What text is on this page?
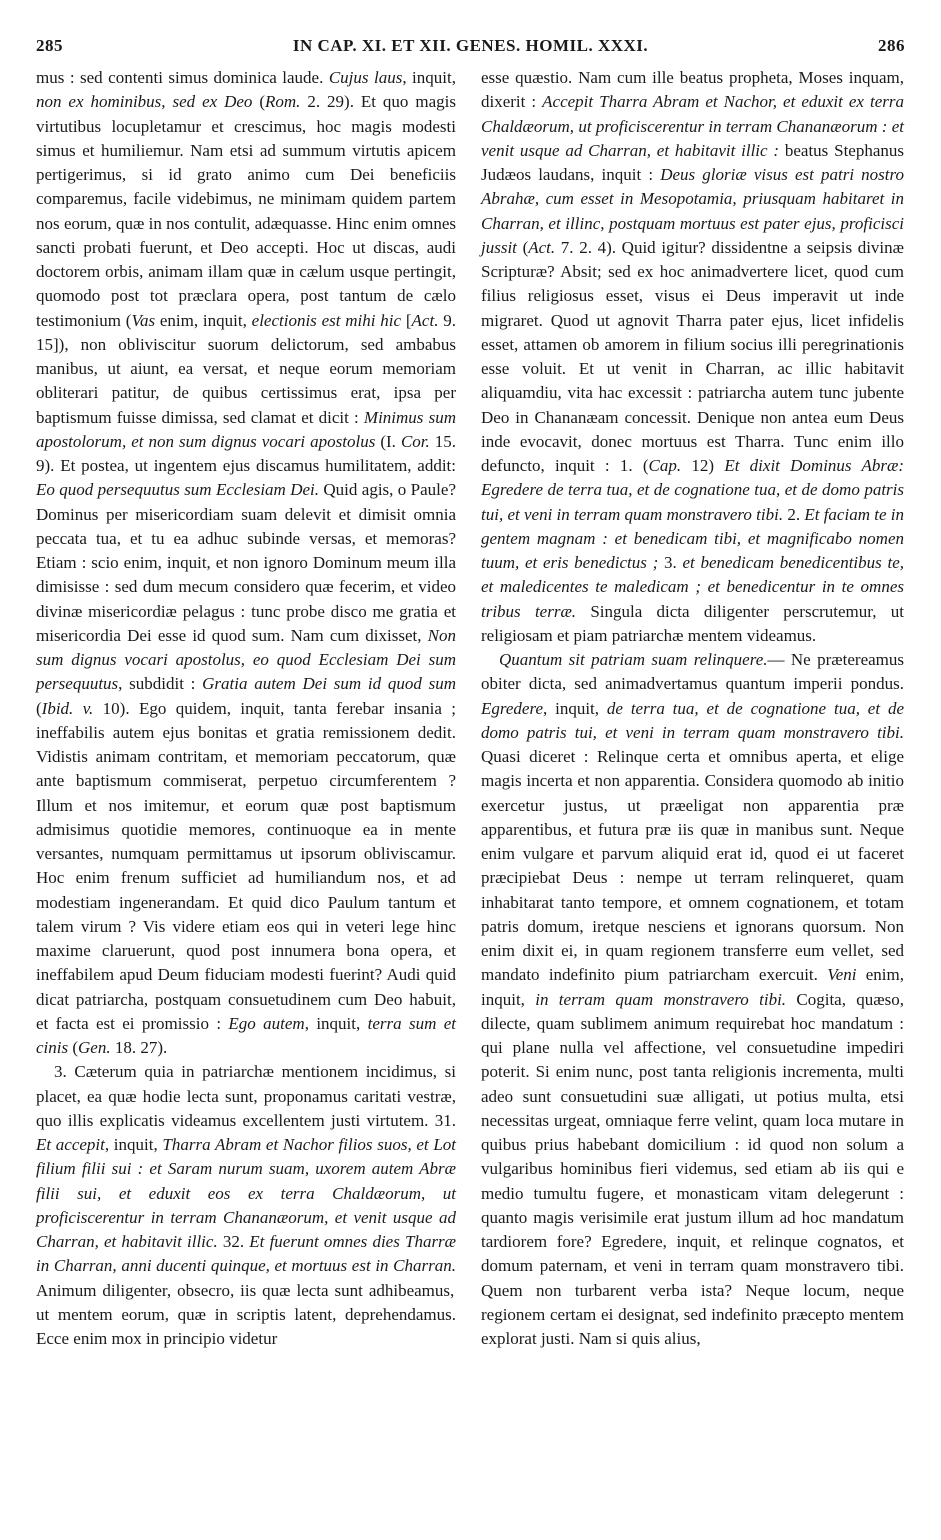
285	IN CAP. XI. ET XII. GENES. HOMIL. XXXI.	286

mus : sed contenti simus dominica laude. Cujus laus, inquit, non ex hominibus, sed ex Deo (Rom. 2. 29). Et quo magis virtutibus locupletamur et crescimus, hoc magis modesti simus et humiliemur. Nam etsi ad summum virtutis apicem pertigerimus, si id grato animo cum Dei beneficiis comparemus, facile videbimus, ne minimam quidem partem nos eorum, quæ in nos contulit, adæquasse. Hinc enim omnes sancti probati fuerunt, et Deo accepti. Hoc ut discas, audi doctorem orbis, animam illam quæ in cælum usque pertingit, quomodo post tot præclara opera, post tantum de cælo testimonium (Vas enim, inquit, electionis est mihi hic [Act. 9. 15]), non obliviscitur suorum delictorum, sed ambabus manibus, ut aiunt, ea versat, et neque eorum memoriam obliterari patitur, de quibus certissimus erat, ipsa per baptismum fuisse dimissa, sed clamat et dicit : Minimus sum apostolorum, et non sum dignus vocari apostolus (I. Cor. 15. 9). Et postea, ut ingentem ejus discamus humilitatem, addit: Eo quod persequutus sum Ecclesiam Dei. Quid agis, o Paule? Dominus per misericordiam suam delevit et dimisit omnia peccata tua, et tu ea adhuc subinde versas, et memoras? Etiam : scio enim, inquit, et non ignoro Dominum meum illa dimisisse : sed dum mecum considero quæ fecerim, et video divinæ misericordiæ pelagus : tunc probe disco me gratia et misericordia Dei esse id quod sum. Nam cum dixisset, Non sum dignus vocari apostolus, eo quod Ecclesiam Dei sum persequutus, subdidit : Gratia autem Dei sum id quod sum (Ibid. v. 10). Ego quidem, inquit, tanta ferebar insania ; ineffabilis autem ejus bonitas et gratia remissionem dedit. Vidistis animam contritam, et memoriam peccatorum, quæ ante baptismum commiserat, perpetuo circumferentem ? Illum et nos imitemur, et eorum quæ post baptismum admisimus quotidie memores, continuoque ea in mente versantes, numquam permittamus ut ipsorum obliviscamur. Hoc enim frenum sufficiet ad humiliandum nos, et ad modestiam ingenerandam. Et quid dico Paulum tantum et talem virum ? Vis videre etiam eos qui in veteri lege hinc maxime claruerunt, quod post innumera bona opera, et ineffabilem apud Deum fiduciam modesti fuerint? Audi quid dicat patriarcha, postquam consuetudinem cum Deo habuit, et facta est ei promissio : Ego autem, inquit, terra sum et cinis (Gen. 18. 27).

3. Cæterum quia in patriarchæ mentionem incidimus, si placet, ea quæ hodie lecta sunt, proponamus caritati vestræ, quo illis explicatis videamus excellentem justi virtutem. 31. Et accepit, inquit, Tharra Abram et Nachor filios suos, et Lot filium filii sui : et Saram nurum suam, uxorem autem Abræ filii sui, et eduxit eos ex terra Chaldæorum, ut proficiscerentur in terram Chananæorum, et venit usque ad Charran, et habitavit illic. 32. Et fuerunt omnes dies Tharræ in Charran, anni ducenti quinque, et mortuus est in Charran. Animum diligenter, obsecro, iis quæ lecta sunt adhibeamus, ut mentem eorum, quæ in scriptis latent, deprehendamus. Ecce enim mox in principio videtur

esse quæstio. Nam cum ille beatus propheta, Moses inquam, dixerit : Accepit Tharra Abram et Nachor, et eduxit ex terra Chaldæorum, ut proficiscerentur in terram Chananæorum : et venit usque ad Charran, et habitavit illic : beatus Stephanus Judæos laudans, inquit : Deus gloriæ visus est patri nostro Abrahæ, cum esset in Mesopotamia, priusquam habitaret in Charran, et illinc, postquam mortuus est pater ejus, proficisci jussit (Act. 7. 2. 4). Quid igitur? dissidentne a seipsis divinæ Scripturæ? Absit; sed ex hoc animadvertere licet, quod cum filius religiosus esset, visus ei Deus imperavit ut inde migraret. Quod ut agnovit Tharra pater ejus, licet infidelis esset, attamen ob amorem in filium socius illi peregrinationis esse voluit. Et ut venit in Charran, ac illic habitavit aliquamdiu, vita hac excessit : patriarcha autem tunc jubente Deo in Chananæam concessit. Denique non antea eum Deus inde evocavit, donec mortuus est Tharra. Tunc enim illo defuncto, inquit : 1. (Cap. 12) Et dixit Dominus Abræ: Egredere de terra tua, et de cognatione tua, et de domo patris tui, et veni in terram quam monstravero tibi. 2. Et faciam te in gentem magnam : et benedicam tibi, et magnificabo nomen tuum, et eris benedictus ; 3. et benedicam benedicentibus te, et maledicentes te maledicam ; et benedicentur in te omnes tribus terræ. Singula dicta diligenter perscrutemur, ut religiosam et piam patriarchæ mentem videamus.

Quantum sit patriam suam relinquere.— Ne prætereamus obiter dicta, sed animadvertamus quantum imperii pondus. Egredere, inquit, de terra tua, et de cognatione tua, et de domo patris tui, et veni in terram quam monstravero tibi. Quasi diceret : Relinque certa et omnibus aperta, et elige magis incerta et non apparentia. Considera quomodo ab initio exercetur justus, ut præeligat non apparentia præ apparentibus, et futura præ iis quæ in manibus sunt. Neque enim vulgare et parvum aliquid erat id, quod ei ut faceret præcipiebat Deus : nempe ut terram relinqueret, quam inhabitarat tanto tempore, et omnem cognationem, et totam patris domum, iretque nesciens et ignorans quorsum. Non enim dixit ei, in quam regionem transferre eum vellet, sed mandato indefinito pium patriarcham exercuit. Veni enim, inquit, in terram quam monstravero tibi. Cogita, quæso, dilecte, quam sublimem animum requirebat hoc mandatum : qui plane nulla vel affectione, vel consuetudine impediri poterit. Si enim nunc, post tanta religionis incrementa, multi adeo sunt consuetudini suæ alligati, ut potius multa, etsi necessitas urgeat, omniaque ferre velint, quam loca mutare in quibus prius habebant domicilium : id quod non solum a vulgaribus hominibus fieri videmus, sed etiam ab iis qui e medio tumultu fugere, et monasticam vitam delegerunt : quanto magis verisimile erat justum illum ad hoc mandatum tardiorem fore? Egredere, inquit, et relinque cognatos, et domum paternam, et veni in terram quam monstravero tibi. Quem non turbarent verba ista? Neque locum, neque regionem certam ei designat, sed indefinito præcepto mentem explorat justi. Nam si quis alius,
